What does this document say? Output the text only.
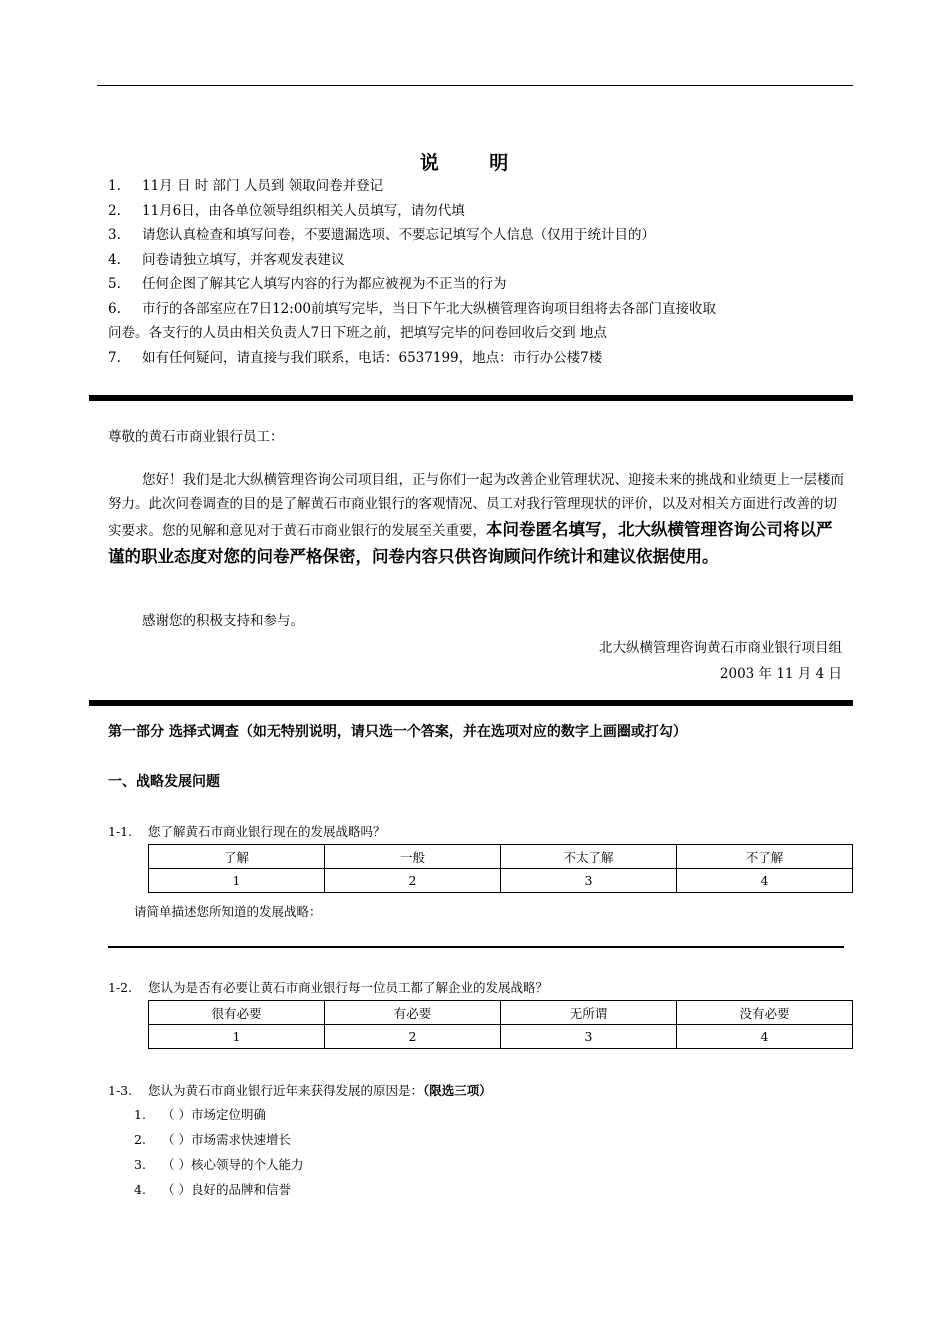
说 明
1. 11月 日 时 部门 人员到 领取问卷并登记
2. 11月6日，由各单位领导组织相关人员填写，请勿代填
3. 请您认真检查和填写问卷，不要遗漏选项、不要忘记填写个人信息（仅用于统计目的）
4. 问卷请独立填写，并客观发表建议
5. 任何企图了解其它人填写内容的行为都应被视为不正当的行为
6. 市行的各部室应在7日12:00前填写完毕，当日下午北大纵横管理咨询项目组将去各部门直接收取
问卷。各支行的人员由相关负责人7日下班之前，把填写完毕的问卷回收后交到 地点
7. 如有任何疑问，请直接与我们联系，电话：6537199，地点：市行办公楼7楼
尊敬的黄石市商业银行员工：
您好！我们是北大纵横管理咨询公司项目组，正与你们一起为改善企业管理状况、迎接未来的挑战和业绩更上一层楼而努力。此次问卷调查的目的是了解黄石市商业银行的客观情况、员工对我行管理现状的评价，以及对相关方面进行改善的切实要求。您的见解和意见对于黄石市商业银行的发展至关重要，本问卷匿名填写，北大纵横管理咨询公司将以严谨的职业态度对您的问卷严格保密，问卷内容只供咨询顾问作统计和建议依据使用。
感谢您的积极支持和参与。
北大纵横管理咨询黄石市商业银行项目组
2003 年 11 月 4 日
第一部分 选择式调查（如无特别说明，请只选一个答案，并在选项对应的数字上画圈或打勾）
一、战略发展问题
1-1. 您了解黄石市商业银行现在的发展战略吗？
了解	一般	不太了解	不了解
1	2	3	4
请简单描述您所知道的发展战略：
1-2. 您认为是否有必要让黄石市商业银行每一位员工都了解企业的发展战略？
很有必要	有必要	无所谓	没有必要
1	2	3	4
1-3. 您认为黄石市商业银行近年来获得发展的原因是：（限选三项）
1. （ ）市场定位明确
2. （ ）市场需求快速增长
3. （ ）核心领导的个人能力
4. （ ）良好的品牌和信誉
